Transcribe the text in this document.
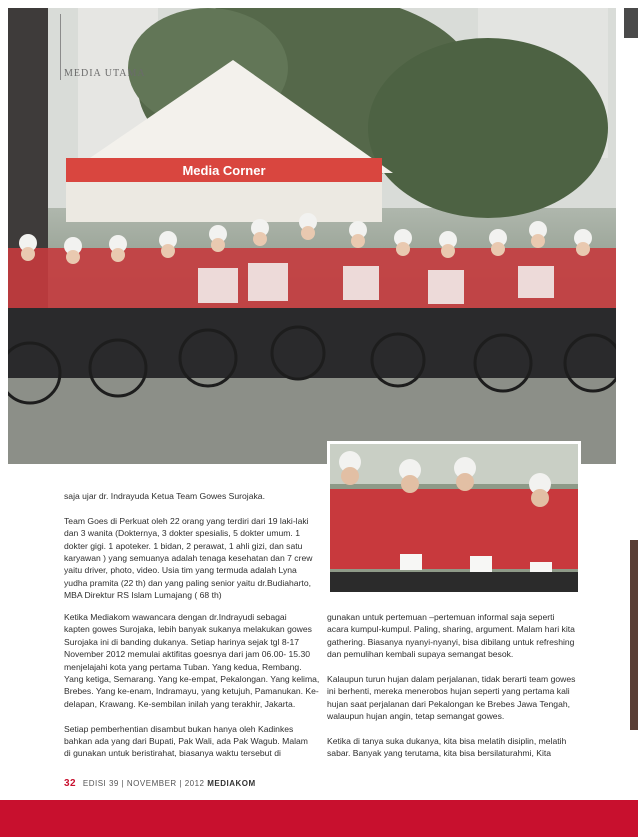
Media Corner
MEDIA UTAMA
saja ujar dr. Indrayuda Ketua Team Gowes Surojaka.

Team Goes di Perkuat oleh 22 orang yang terdiri dari 19 laki-laki
dan 3 wanita (Dokternya, 3 dokter spesialis, 5 dokter umum. 1
dokter gigi. 1 apoteker. 1 bidan, 2 perawat, 1 ahli gizi, dan satu
karyawan ) yang semuanya adalah tenaga kesehatan dan 7 crew
yaitu driver, photo, video. Usia tim yang termuda adalah Lyna
yudha pramita (22 th) dan yang paling senior yaitu dr.Budiaharto,
MBA Direktur RS Islam Lumajang ( 68 th)
Ketika Mediakom wawancara dengan dr.Indrayudi sebagai
kapten gowes Surojaka, lebih banyak sukanya melakukan gowes
Surojaka ini di banding dukanya. Setiap harinya sejak tgl 8-17
November 2012 memulai aktifitas goesnya dari jam 06.00- 15.30
menjelajahi kota yang pertama Tuban. Yang kedua, Rembang.
Yang ketiga, Semarang. Yang ke-empat, Pekalongan. Yang kelima,
Brebes. Yang ke-enam, Indramayu, yang ketujuh, Pamanukan. Ke-
delapan, Krawang. Ke-sembilan inilah yang terakhir, Jakarta.

Setiap pemberhentian disambut bukan hanya oleh Kadinkes
bahkan ada yang dari Bupati, Pak Wali, ada Pak Wagub. Malam
di gunakan untuk beristirahat, biasanya waktu tersebut di
gunakan untuk pertemuan –pertemuan informal saja seperti
acara kumpul-kumpul. Paling, sharing, argument. Malam hari kita
gathering. Biasanya nyanyi-nyanyi, bisa dibilang untuk refreshing
dan pemulihan kembali supaya semangat besok.

Kalaupun turun hujan dalam perjalanan, tidak berarti team gowes
ini berhenti, mereka menerobos hujan seperti yang pertama kali
hujan saat perjalanan dari Pekalongan ke Brebes Jawa Tengah,
walaupun hujan angin, tetap semangat gowes.

Ketika di tanya suka dukanya, kita bisa melatih disiplin, melatih
sabar. Banyak yang terutama, kita bisa bersilaturahmi, Kita
32 EDISI 39 | NOVEMBER | 2012 MEDIAKOM
